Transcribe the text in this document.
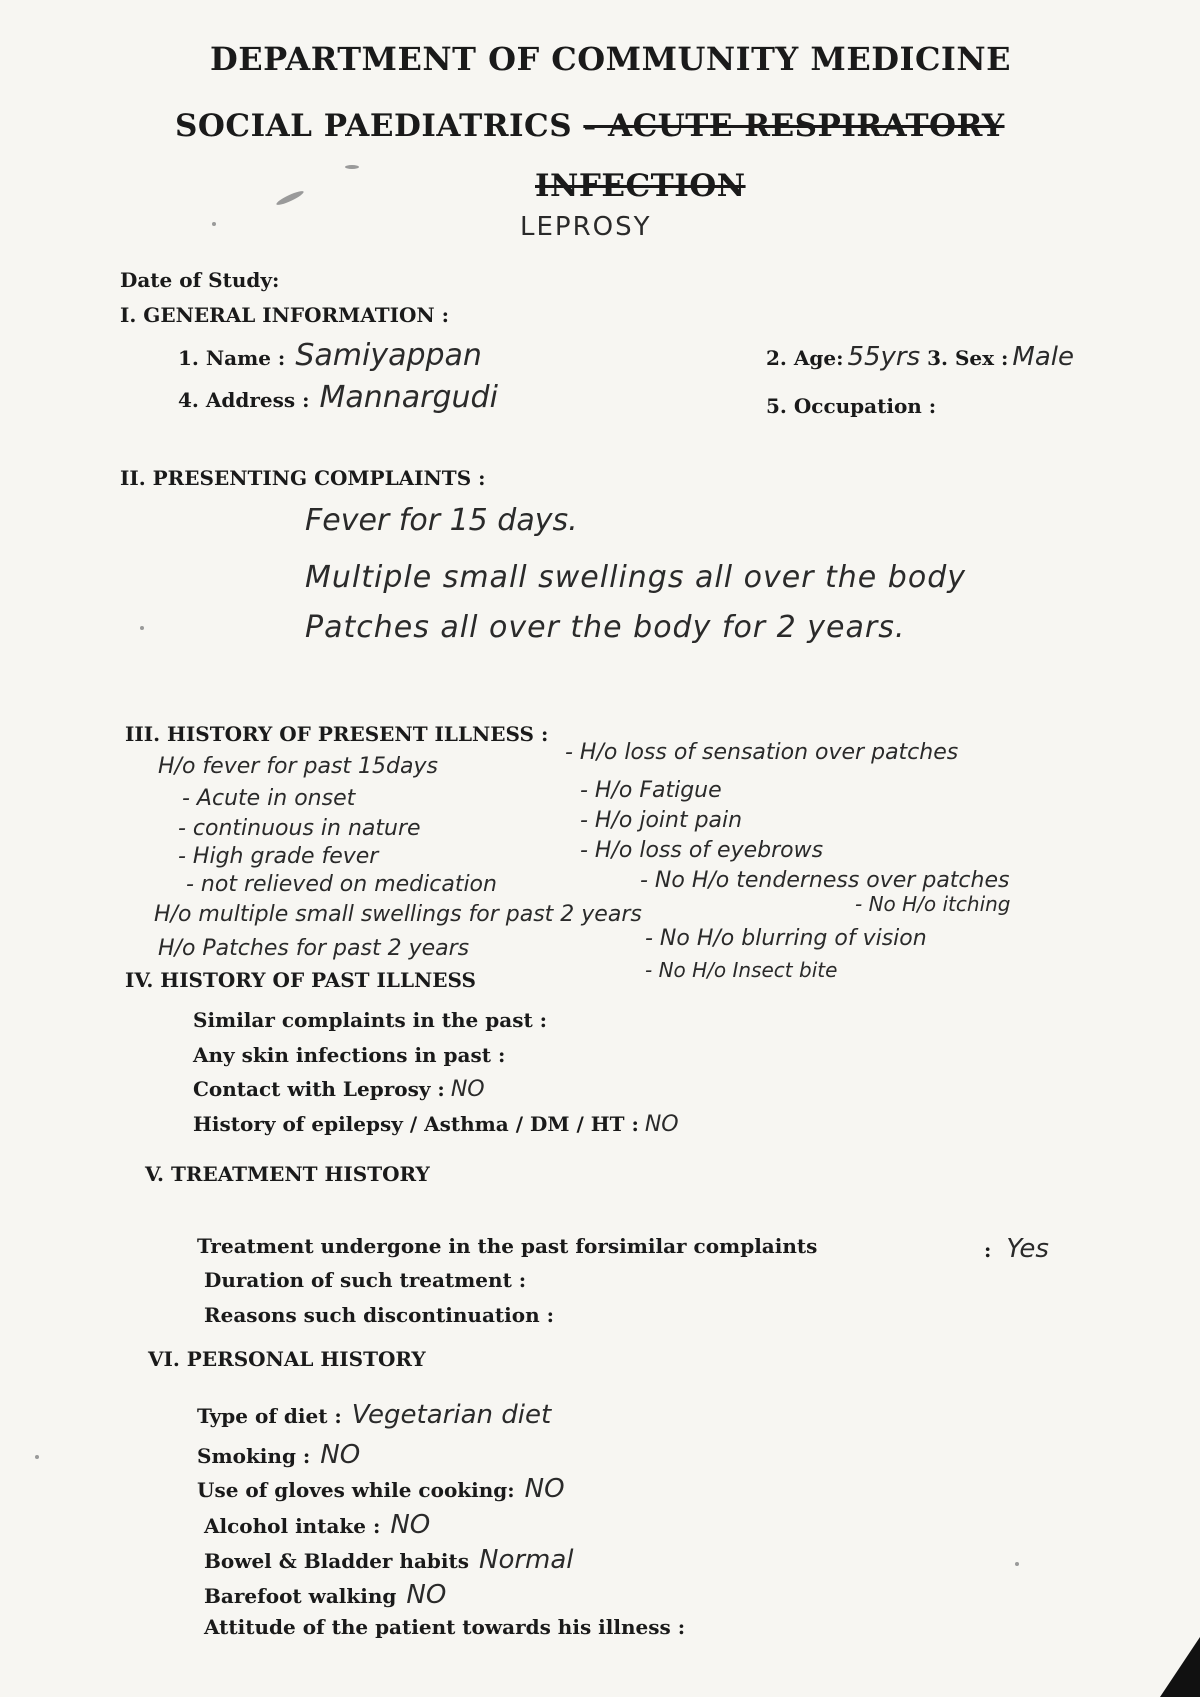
DEPARTMENT OF COMMUNITY MEDICINE
SOCIAL PAEDIATRICS - ACUTE RESPIRATORY
INFECTION
LEPROSY
Date of Study:
I. GENERAL INFORMATION :
1. Name : Samiyappan	2. Age: 55yrs 3. Sex : Male
4. Address : Mannargudi	5. Occupation :
II. PRESENTING COMPLAINTS :
Fever for 15 days.
Multiple small swellings all over the body
Patches all over the body for 2 years.
III. HISTORY OF PRESENT ILLNESS :
H/o fever for past 15days
- Acute in onset
- continuous in nature
- High grade fever
- not relieved on medication
H/o multiple small swellings for past 2 years
H/o Patches for past 2 years
- H/o loss of sensation over patches
- H/o Fatigue
- H/o joint pain
- H/o loss of eyebrows
- No H/o tenderness over patches
- No H/o itching
- No H/o blurring of vision
- No H/o Insect bite
IV. HISTORY OF PAST ILLNESS
Similar complaints in the past :
Any skin infections in past :
Contact with Leprosy : NO
History of epilepsy / Asthma / DM / HT : NO
V. TREATMENT HISTORY
Treatment undergone in the past forsimilar complaints	: Yes
Duration of such treatment :
Reasons such discontinuation :
VI. PERSONAL HISTORY
Type of diet : Vegetarian diet
Smoking : NO
Use of gloves while cooking: NO
Alcohol intake : NO
Bowel & Bladder habits Normal
Barefoot walking NO
Attitude of the patient towards his illness :
